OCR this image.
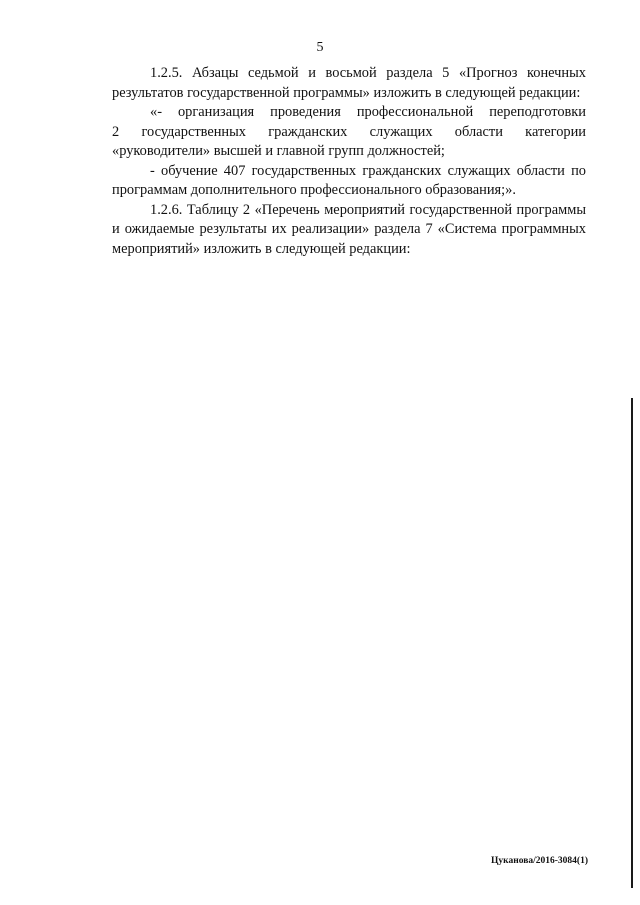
5

1.2.5. Абзацы седьмой и восьмой раздела 5 «Прогноз конечных результатов государственной программы» изложить в следующей редакции:

«- организация проведения профессиональной переподготовки
2 государственных гражданских служащих области категории
«руководители» высшей и главной групп должностей;

- обучение 407 государственных гражданских служащих области по программам дополнительного профессионального образования;».

1.2.6. Таблицу 2 «Перечень мероприятий государственной программы и ожидаемые результаты их реализации» раздела 7 «Система программных мероприятий» изложить в следующей редакции:

Цуканова/2016-3084(1)
